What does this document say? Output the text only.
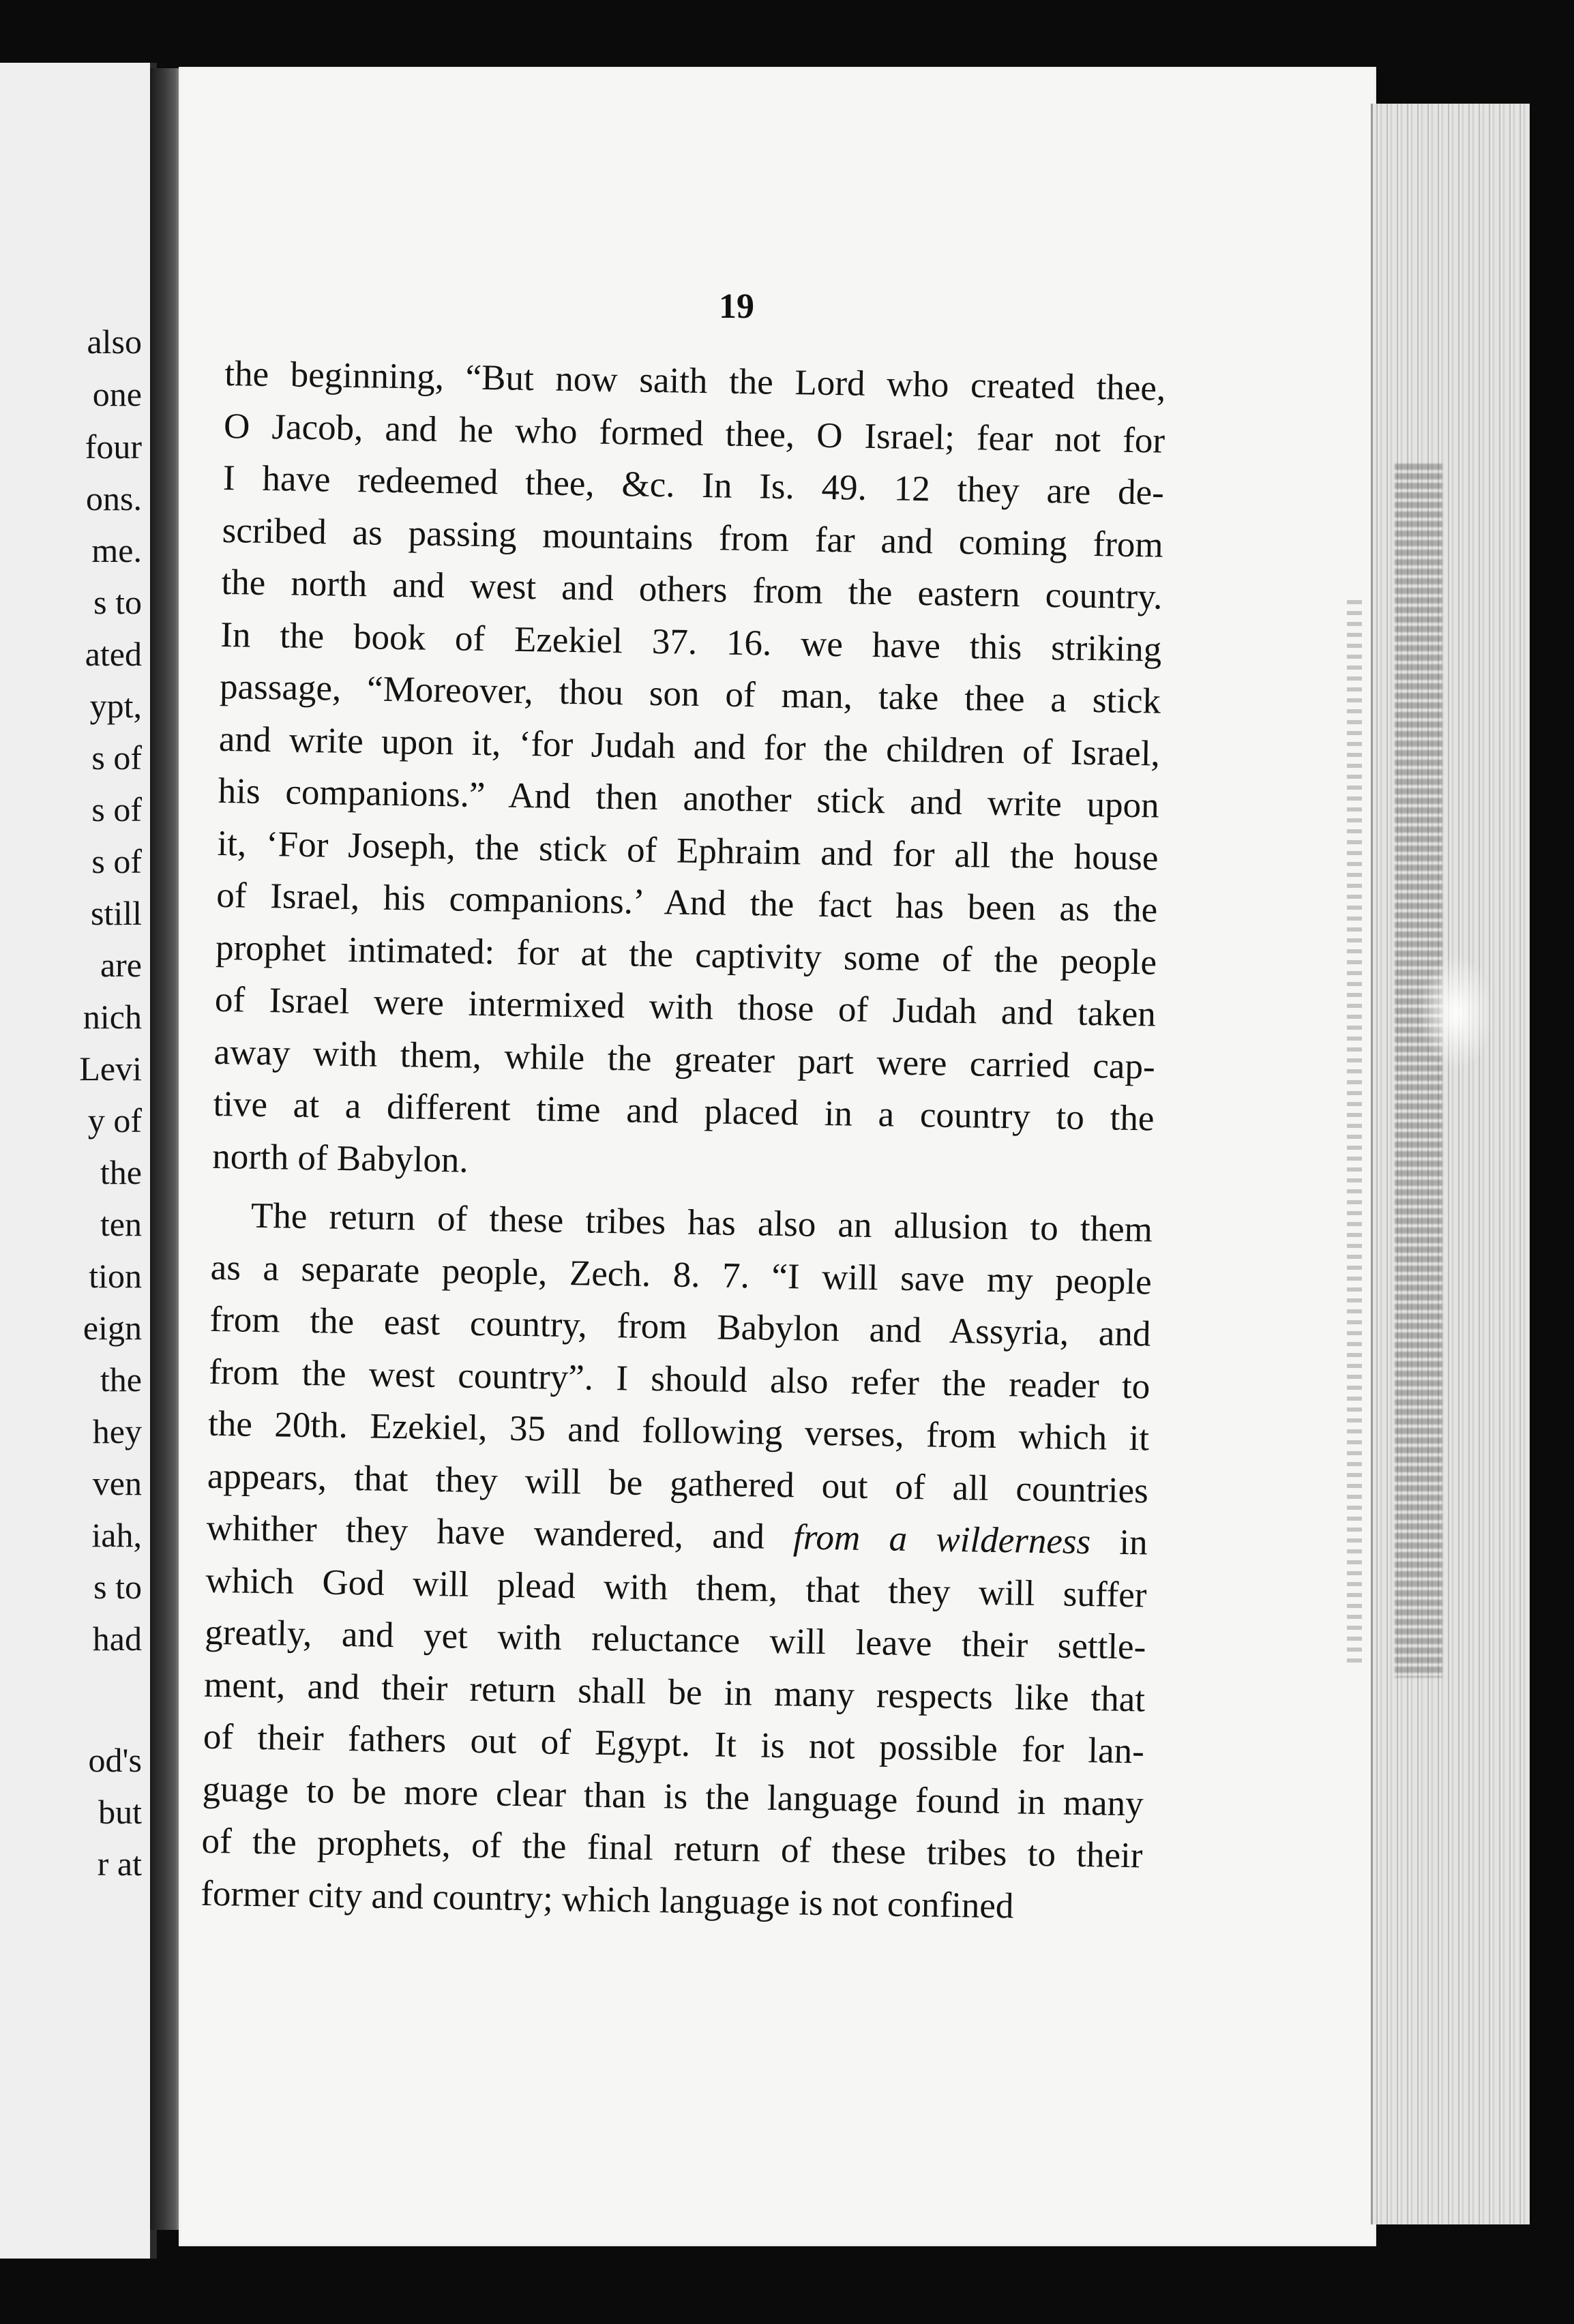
also
one
four
ons.
me.
s to
ated
ypt,
s of
s of
s of
still
are
nich
Levi
y of
the
ten
tion
eign
the
hey
ven
iah,
s to
had
od's
but
r at
19

the beginning, “But now saith the Lord who created thee,
O Jacob, and he who formed thee, O Israel; fear not for
I have redeemed thee, &c. In Is. 49. 12 they are de-
scribed as passing mountains from far and coming from
the north and west and others from the eastern country.
In the book of Ezekiel 37. 16. we have this striking
passage, “Moreover, thou son of man, take thee a stick
and write upon it, ‘for Judah and for the children of Israel,
his companions.” And then another stick and write upon
it, ‘For Joseph, the stick of Ephraim and for all the house
of Israel, his companions.’ And the fact has been as the
prophet intimated: for at the captivity some of the people
of Israel were intermixed with those of Judah and taken
away with them, while the greater part were carried cap-
tive at a different time and placed in a country to the
north of Babylon.

The return of these tribes has also an allusion to them
as a separate people, Zech. 8. 7. “I will save my people
from the east country, from Babylon and Assyria, and
from the west country”. I should also refer the reader to
the 20th. Ezekiel, 35 and following verses, from which it
appears, that they will be gathered out of all countries
whither they have wandered, and from a wilderness in
which God will plead with them, that they will suffer
greatly, and yet with reluctance will leave their settle-
ment, and their return shall be in many respects like that
of their fathers out of Egypt. It is not possible for lan-
guage to be more clear than is the language found in many
of the prophets, of the final return of these tribes to their
former city and country; which language is not confined
